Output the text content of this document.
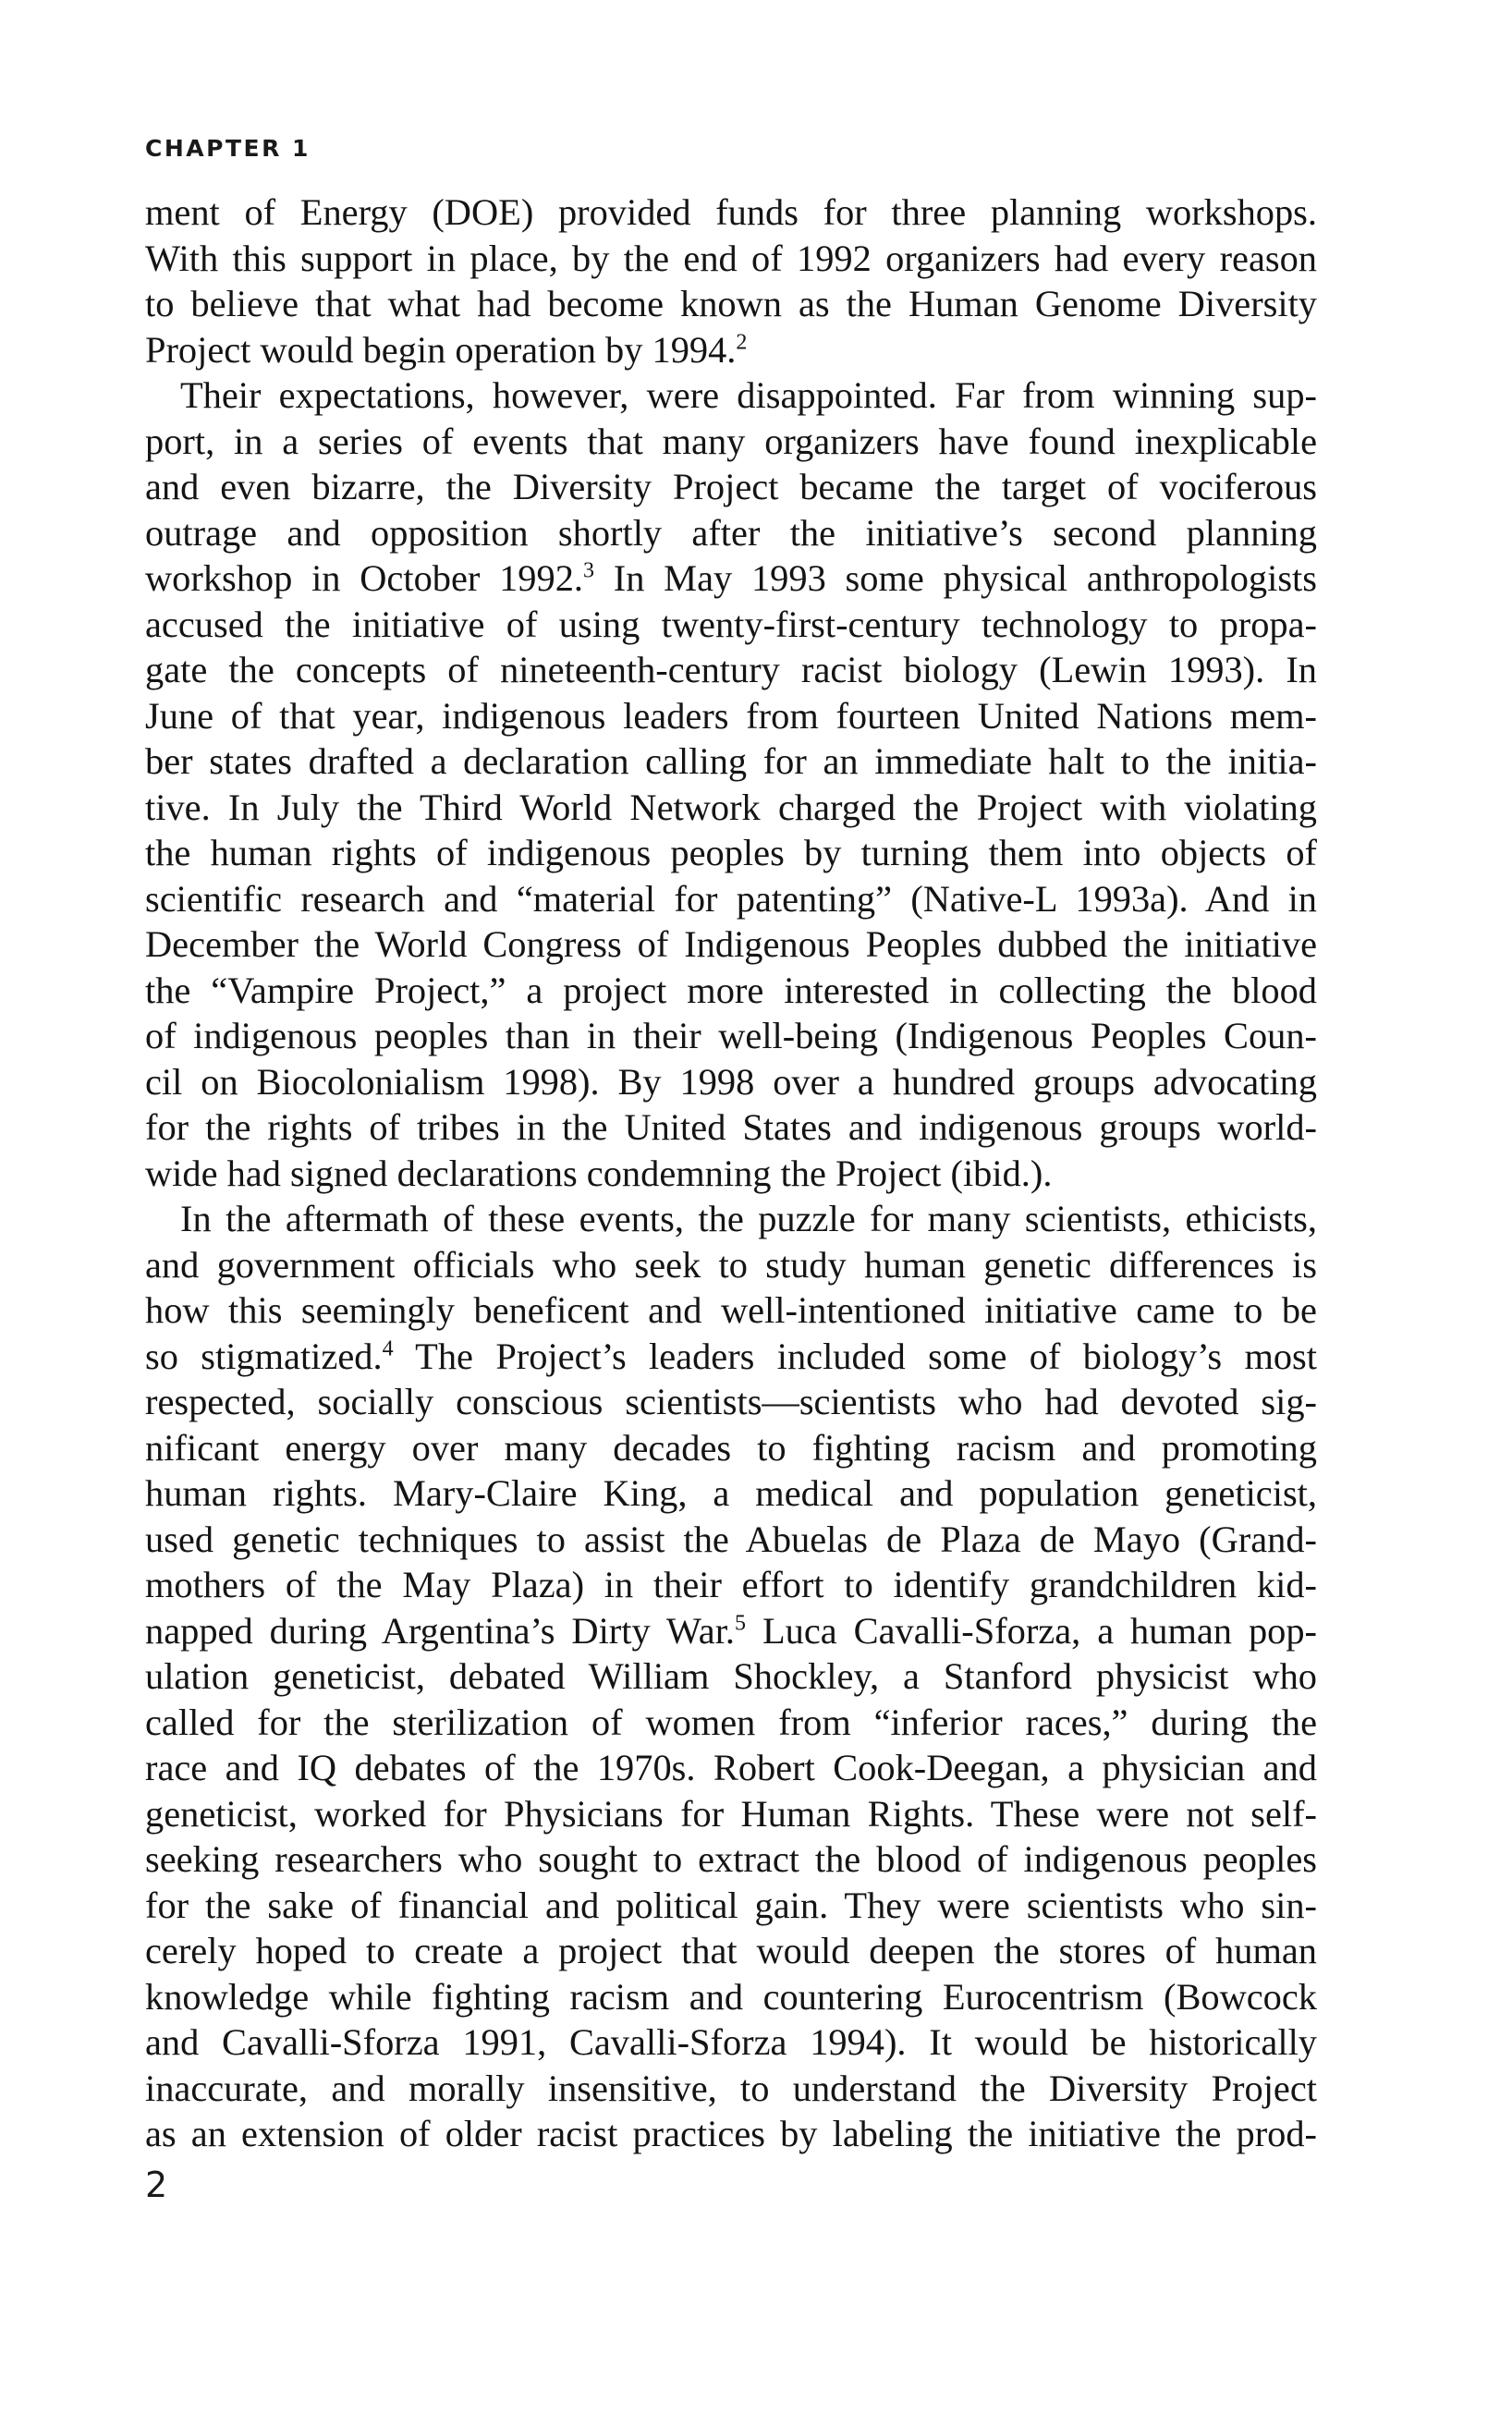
CHAPTER 1

ment of Energy (DOE) provided funds for three planning workshops.
With this support in place, by the end of 1992 organizers had every reason
to believe that what had become known as the Human Genome Diversity
Project would begin operation by 1994.$^2$

Their expectations, however, were disappointed. Far from winning sup-
port, in a series of events that many organizers have found inexplicable
and even bizarre, the Diversity Project became the target of vociferous
outrage and opposition shortly after the initiative’s second planning
workshop in October 1992.$^3$ In May 1993 some physical anthropologists
accused the initiative of using twenty-first-century technology to propa-
gate the concepts of nineteenth-century racist biology (Lewin 1993). In
June of that year, indigenous leaders from fourteen United Nations mem-
ber states drafted a declaration calling for an immediate halt to the initia-
tive. In July the Third World Network charged the Project with violating
the human rights of indigenous peoples by turning them into objects of
scientific research and “material for patenting” (Native-L 1993a). And in
December the World Congress of Indigenous Peoples dubbed the initiative
the “Vampire Project,” a project more interested in collecting the blood
of indigenous peoples than in their well-being (Indigenous Peoples Coun-
cil on Biocolonialism 1998). By 1998 over a hundred groups advocating
for the rights of tribes in the United States and indigenous groups world-
wide had signed declarations condemning the Project (ibid.).

In the aftermath of these events, the puzzle for many scientists, ethicists,
and government officials who seek to study human genetic differences is
how this seemingly beneficent and well-intentioned initiative came to be
so stigmatized.$^4$ The Project’s leaders included some of biology’s most
respected, socially conscious scientists—scientists who had devoted sig-
nificant energy over many decades to fighting racism and promoting
human rights. Mary-Claire King, a medical and population geneticist,
used genetic techniques to assist the Abuelas de Plaza de Mayo (Grand-
mothers of the May Plaza) in their effort to identify grandchildren kid-
napped during Argentina’s Dirty War.$^5$ Luca Cavalli-Sforza, a human pop-
ulation geneticist, debated William Shockley, a Stanford physicist who
called for the sterilization of women from “inferior races,” during the
race and IQ debates of the 1970s. Robert Cook-Deegan, a physician and
geneticist, worked for Physicians for Human Rights. These were not self-
seeking researchers who sought to extract the blood of indigenous peoples
for the sake of financial and political gain. They were scientists who sin-
cerely hoped to create a project that would deepen the stores of human
knowledge while fighting racism and countering Eurocentrism (Bowcock
and Cavalli-Sforza 1991, Cavalli-Sforza 1994). It would be historically
inaccurate, and morally insensitive, to understand the Diversity Project
as an extension of older racist practices by labeling the initiative the prod-

2
